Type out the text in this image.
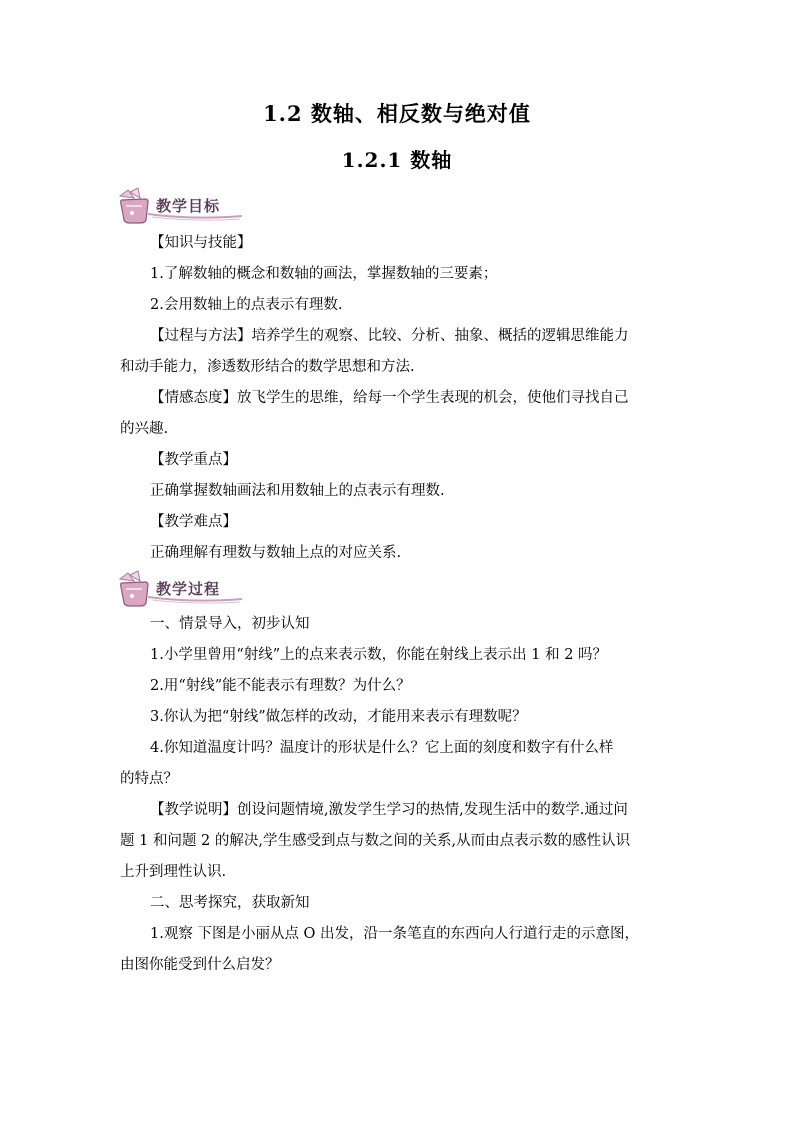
1.2 数轴、相反数与绝对值
1.2.1 数轴
教学目标
【知识与技能】
1.了解数轴的概念和数轴的画法，掌握数轴的三要素；
2.会用数轴上的点表示有理数.
【过程与方法】培养学生的观察、比较、分析、抽象、概括的逻辑思维能力
和动手能力，渗透数形结合的数学思想和方法.
【情感态度】放飞学生的思维，给每一个学生表现的机会，使他们寻找自己
的兴趣.
【教学重点】
正确掌握数轴画法和用数轴上的点表示有理数.
【教学难点】
正确理解有理数与数轴上点的对应关系.
教学过程
一、情景导入，初步认知
1.小学里曾用“射线”上的点来表示数，你能在射线上表示出 1 和 2 吗？
2.用“射线”能不能表示有理数？为什么？
3.你认为把“射线”做怎样的改动，才能用来表示有理数呢？
4.你知道温度计吗？温度计的形状是什么？它上面的刻度和数字有什么样
的特点？
【教学说明】创设问题情境,激发学生学习的热情,发现生活中的数学.通过问
题 1 和问题 2 的解决,学生感受到点与数之间的关系,从而由点表示数的感性认识
上升到理性认识.
二、思考探究，获取新知
1.观察 下图是小丽从点 O 出发，沿一条笔直的东西向人行道行走的示意图，
由图你能受到什么启发？
